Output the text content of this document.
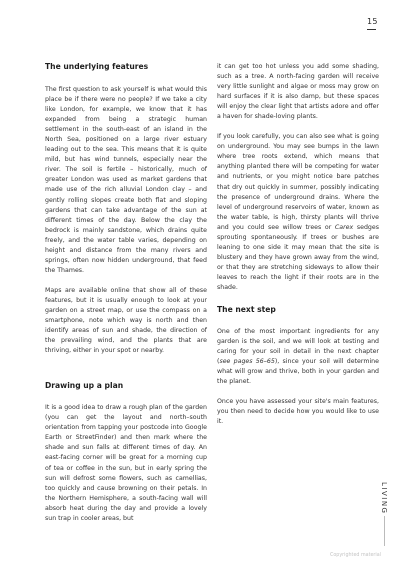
15
The underlying features

The first question to ask yourself is what would this place be if there were no people? If we take a city like London, for example, we know that it has expanded from being a strategic human settlement in the south-east of an island in the North Sea, positioned on a large river estuary leading out to the sea. This means that it is quite mild, but has wind tunnels, especially near the river. The soil is fertile – historically, much of greater London was used as market gardens that made use of the rich alluvial London clay – and gently rolling slopes create both flat and sloping gardens that can take advantage of the sun at different times of the day. Below the clay the bedrock is mainly sandstone, which drains quite freely, and the water table varies, depending on height and distance from the many rivers and springs, often now hidden underground, that feed the Thames.

Maps are available online that show all of these features, but it is usually enough to look at your garden on a street map, or use the compass on a smartphone, note which way is north and then identify areas of sun and shade, the direction of the prevailing wind, and the plants that are thriving, either in your spot or nearby.

Drawing up a plan

It is a good idea to draw a rough plan of the garden (you can get the layout and north–south orientation from tapping your postcode into Google Earth or StreetFinder) and then mark where the shade and sun falls at different times of day. An east-facing corner will be great for a morning cup of tea or coffee in the sun, but in early spring the sun will defrost some flowers, such as camellias, too quickly and cause browning on their petals. In the Northern Hemisphere, a south-facing wall will absorb heat during the day and provide a lovely sun trap in cooler areas, but

it can get too hot unless you add some shading, such as a tree. A north-facing garden will receive very little sunlight and algae or moss may grow on hard surfaces if it is also damp, but these spaces will enjoy the clear light that artists adore and offer a haven for shade-loving plants.

If you look carefully, you can also see what is going on underground. You may see bumps in the lawn where tree roots extend, which means that anything planted there will be competing for water and nutrients, or you might notice bare patches that dry out quickly in summer, possibly indicating the presence of underground drains. Where the level of underground reservoirs of water, known as the water table, is high, thirsty plants will thrive and you could see willow trees or Carex sedges sprouting spontaneously. If trees or bushes are leaning to one side it may mean that the site is blustery and they have grown away from the wind, or that they are stretching sideways to allow their leaves to reach the light if their roots are in the shade.

The next step

One of the most important ingredients for any garden is the soil, and we will look at testing and caring for your soil in detail in the next chapter (see pages 56–65), since your soil will determine what will grow and thrive, both in your garden and the planet.

Once you have assessed your site's main features, you then need to decide how you would like to use it.

LIVING
Copyrighted material
